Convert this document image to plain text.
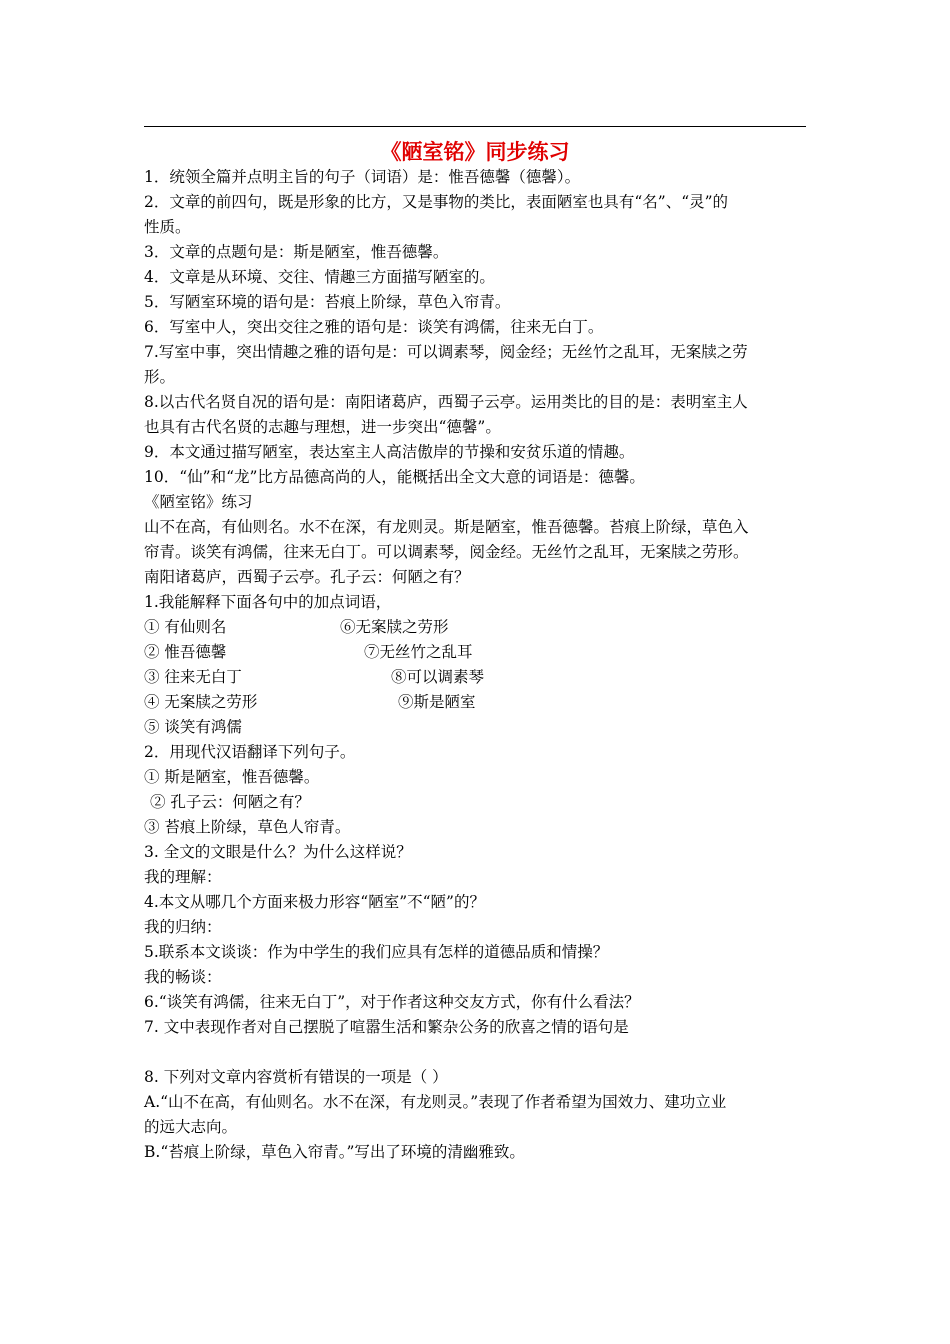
《陋室铭》同步练习
1．统领全篇并点明主旨的句子（词语）是：惟吾德馨（德馨）。
2．文章的前四句，既是形象的比方，又是事物的类比，表面陋室也具有“名”、“灵”的
性质。
3．文章的点题句是：斯是陋室，惟吾德馨。
4．文章是从环境、交往、情趣三方面描写陋室的。
5．写陋室环境的语句是：苔痕上阶绿，草色入帘青。
6．写室中人，突出交往之雅的语句是：谈笑有鸿儒，往来无白丁。
7.写室中事，突出情趣之雅的语句是：可以调素琴，阅金经；无丝竹之乱耳，无案牍之劳
形。
8.以古代名贤自况的语句是：南阳诸葛庐，西蜀子云亭。运用类比的目的是：表明室主人
也具有古代名贤的志趣与理想，进一步突出“德馨”。
9．本文通过描写陋室，表达室主人高洁傲岸的节操和安贫乐道的情趣。
10．“仙”和“龙”比方品德高尚的人，能概括出全文大意的词语是：德馨。
《陋室铭》练习
山不在高，有仙则名。水不在深，有龙则灵。斯是陋室，惟吾德馨。苔痕上阶绿，草色入
帘青。谈笑有鸿儒，往来无白丁。可以调素琴，阅金经。无丝竹之乱耳，无案牍之劳形。
南阳诸葛庐，西蜀子云亭。孔子云：何陋之有？
1.我能解释下面各句中的加点词语，
① 有仙则名	⑥无案牍之劳形
② 惟吾德馨	⑦无丝竹之乱耳
③ 往来无白丁	⑧可以调素琴
④ 无案牍之劳形	⑨斯是陋室
⑤ 谈笑有鸿儒
2．用现代汉语翻译下列句子。
① 斯是陋室，惟吾德馨。
② 孔子云：何陋之有？
③ 苔痕上阶绿，草色人帘青。
3. 全文的文眼是什么？为什么这样说？
我的理解：
4.本文从哪几个方面来极力形容“陋室”不“陋”的？
我的归纳：
5.联系本文谈谈：作为中学生的我们应具有怎样的道德品质和情操？
我的畅谈：
6.“谈笑有鸿儒，往来无白丁”，对于作者这种交友方式，你有什么看法？
7. 文中表现作者对自己摆脱了喧嚣生活和繁杂公务的欣喜之情的语句是
8. 下列对文章内容赏析有错误的一项是（ ）
A.“山不在高，有仙则名。水不在深，有龙则灵。”表现了作者希望为国效力、建功立业
的远大志向。
B.“苔痕上阶绿，草色入帘青。”写出了环境的清幽雅致。
